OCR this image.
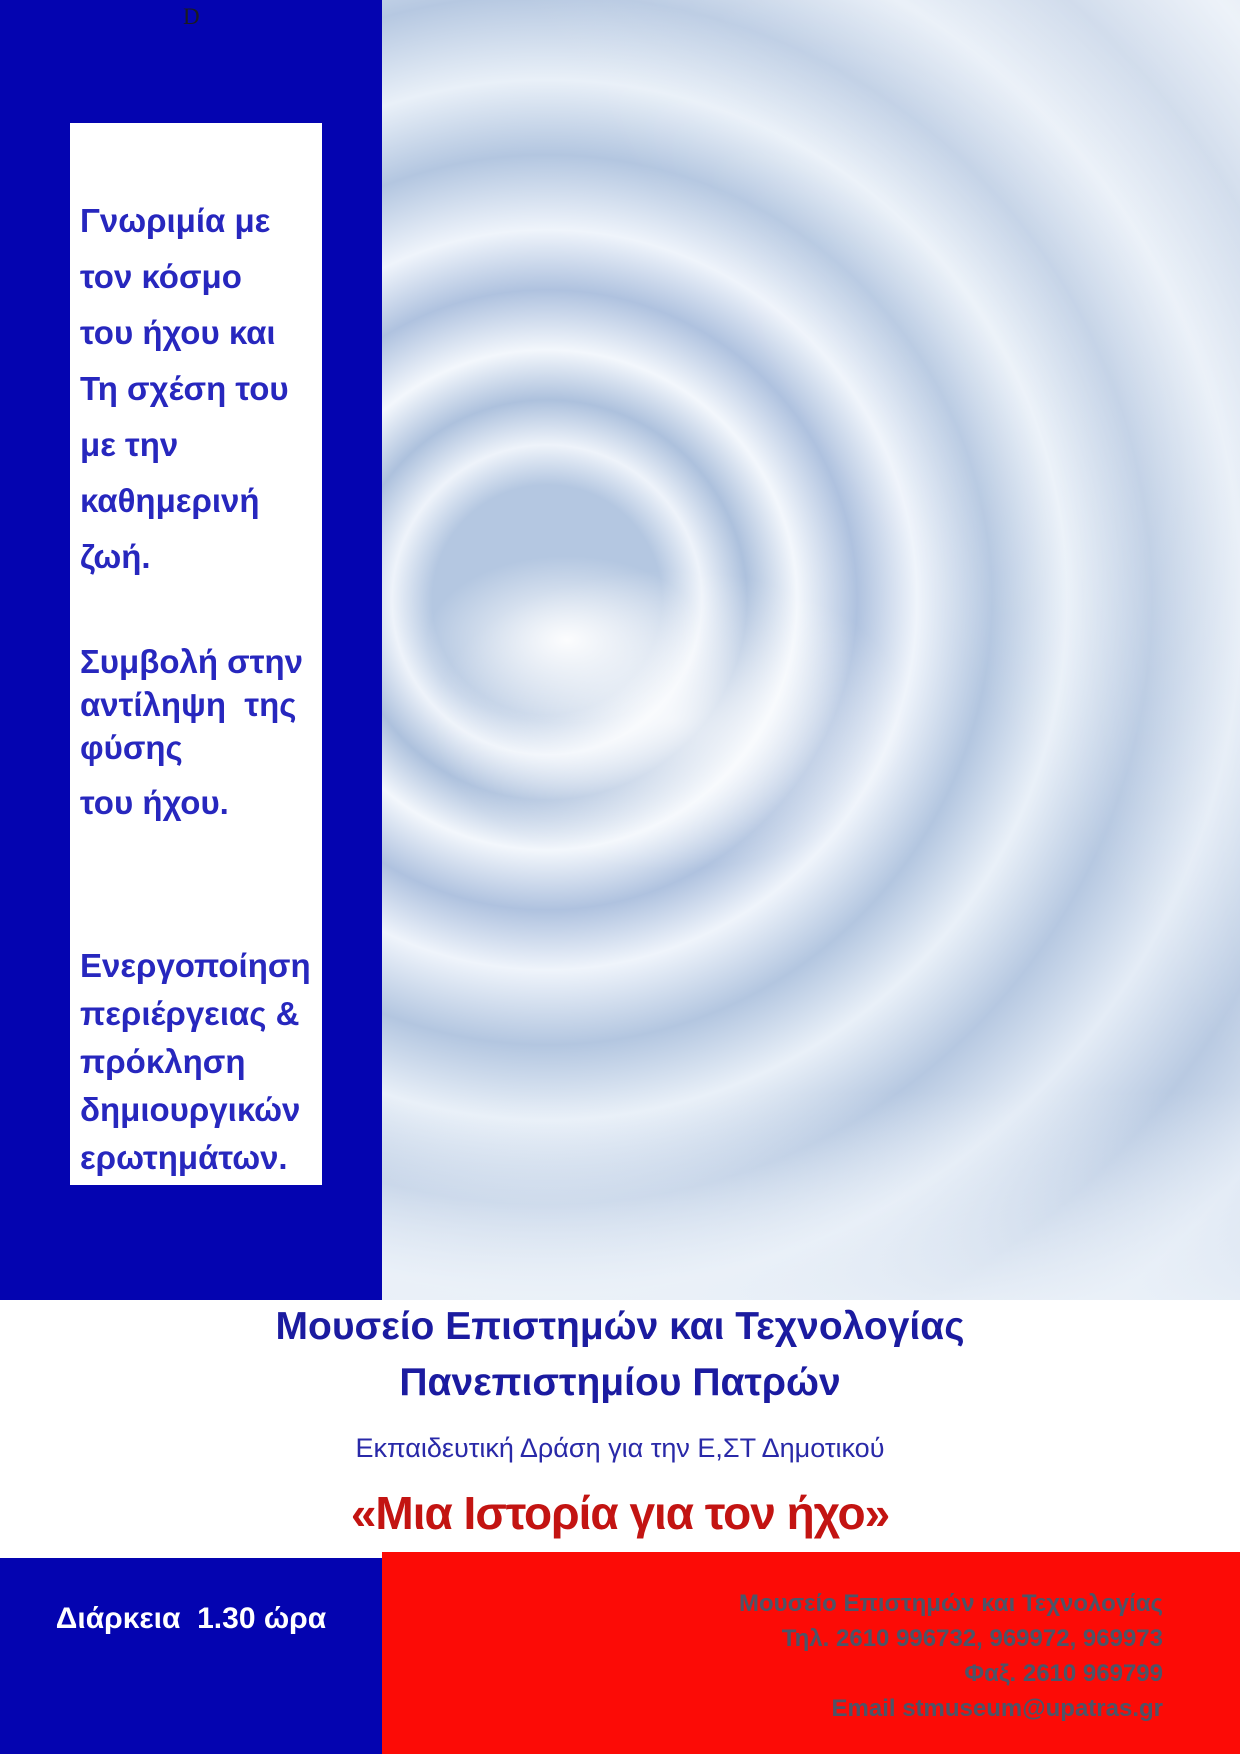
D
Γνωριμία με
τον κόσμο
του ήχου και
Τη σχέση του
με την
καθημερινή
ζωή.
Συμβολή στην
αντίληψη  της
φύσης
του ήχου.
Ενεργοποίηση
περιέργειας &
πρόκληση
δημιουργικών
ερωτημάτων.
Μουσείο Επιστημών και Τεχνολογίας
Πανεπιστημίου Πατρών
Εκπαιδευτική Δράση για την Ε,ΣΤ Δημοτικού
«Μια Ιστορία για τον ήχο»
Μουσείο Επιστημών και Τεχνολογίας
Τηλ. 2610 996732, 969972, 969973
Φαξ. 2610 969799
Email stmuseum@upatras.gr
Διάρκεια  1.30 ώρα
